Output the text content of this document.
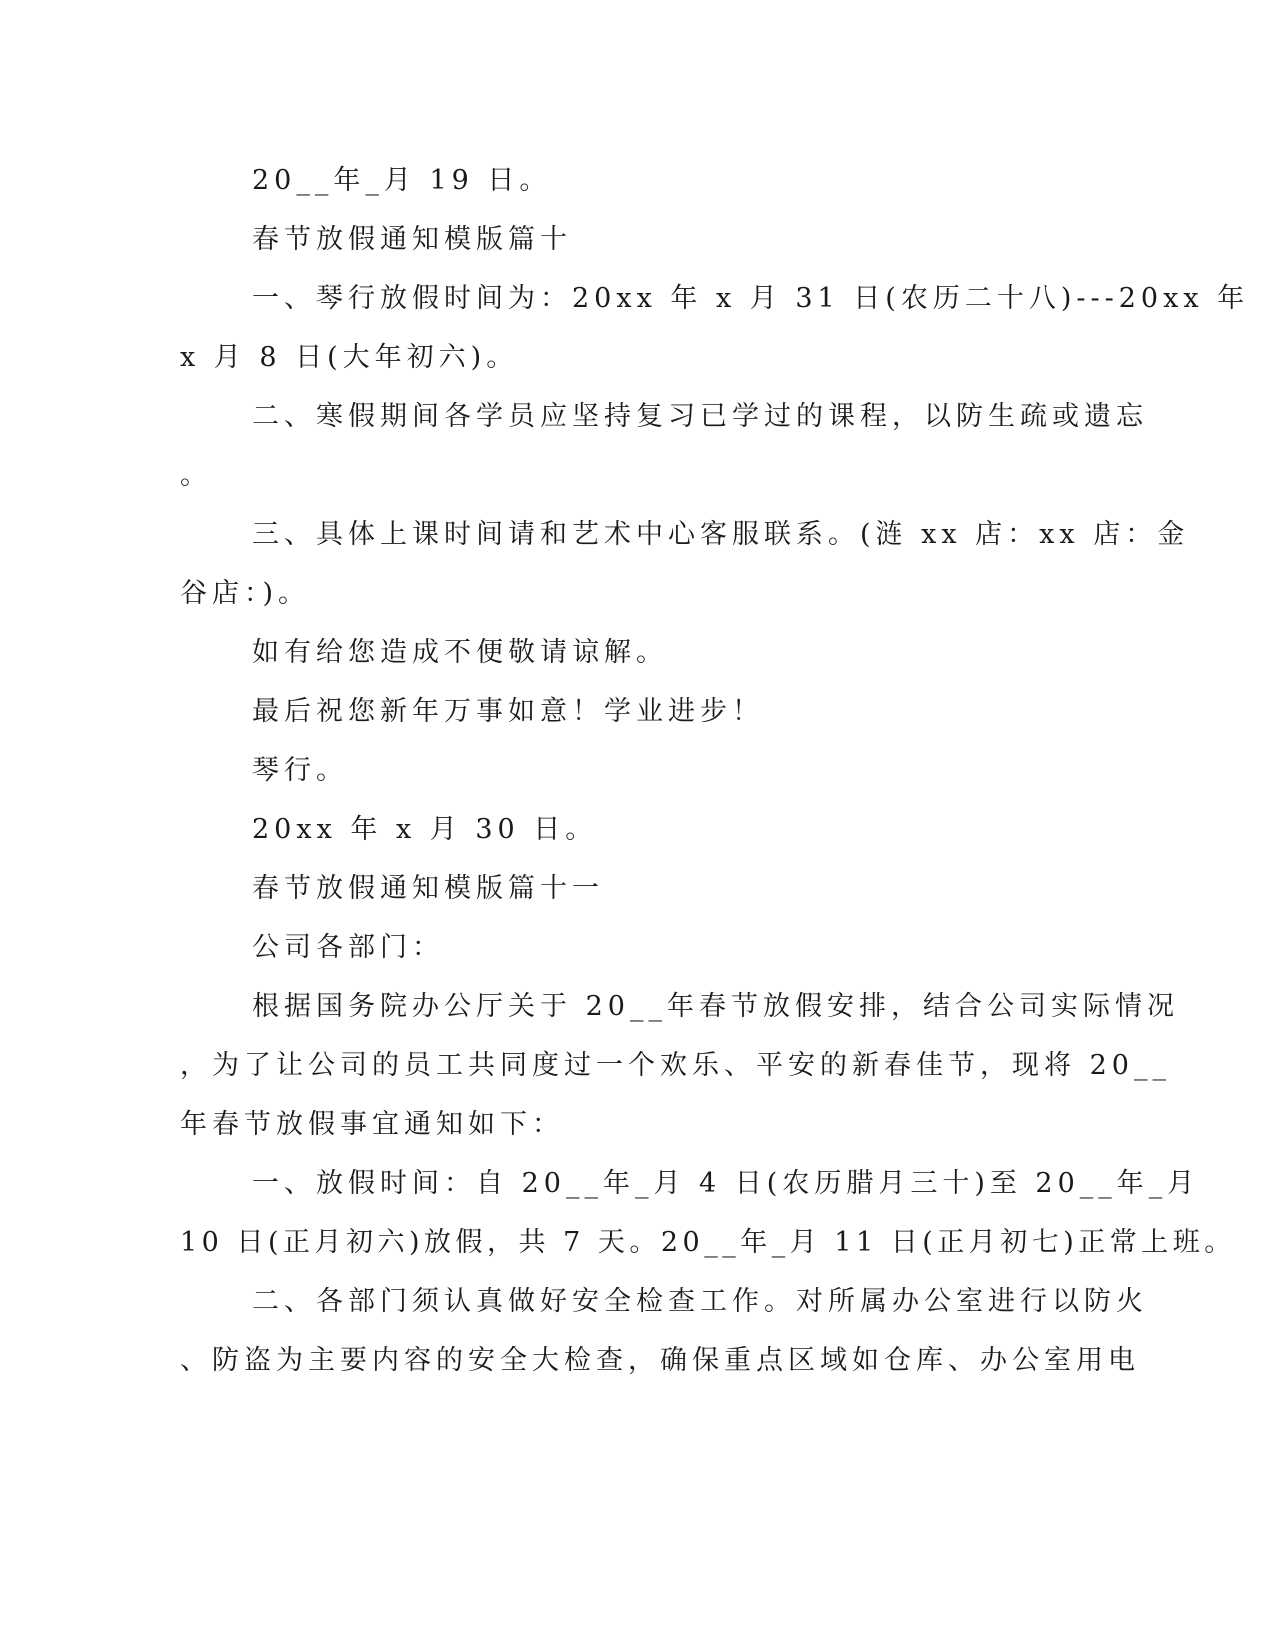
20__年_月 19 日。

春节放假通知模版篇十

一、琴行放假时间为：20xx 年 x 月 31 日(农历二十八)---20xx 年

x 月 8 日(大年初六)。

二、寒假期间各学员应坚持复习已学过的课程，以防生疏或遗忘

。

三、具体上课时间请和艺术中心客服联系。(涟 xx 店：xx 店：金

谷店：)。

如有给您造成不便敬请谅解。

最后祝您新年万事如意！学业进步！

琴行。

20xx 年 x 月 30 日。

春节放假通知模版篇十一

公司各部门：

根据国务院办公厅关于 20__年春节放假安排，结合公司实际情况

，为了让公司的员工共同度过一个欢乐、平安的新春佳节，现将 20__

年春节放假事宜通知如下：

一、放假时间：自 20__年_月 4 日(农历腊月三十)至 20__年_月

10 日(正月初六)放假，共 7 天。20__年_月 11 日(正月初七)正常上班。

二、各部门须认真做好安全检查工作。对所属办公室进行以防火

、防盗为主要内容的安全大检查，确保重点区域如仓库、办公室用电
